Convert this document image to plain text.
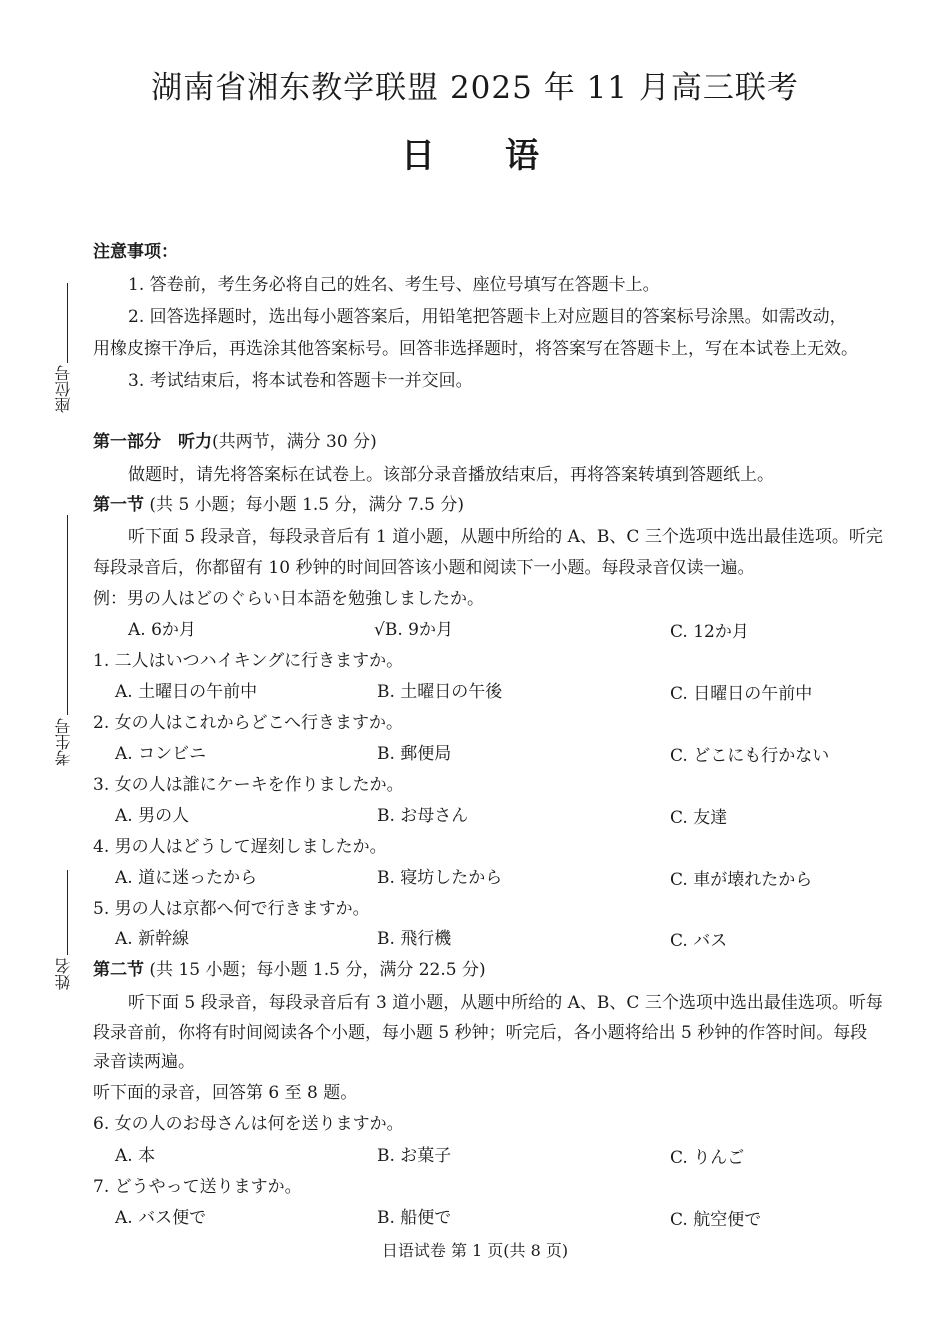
湖南省湘东教学联盟 2025 年 11 月高三联考
日语
座位号
考生号
姓名
注意事项：
1. 答卷前，考生务必将自己的姓名、考生号、座位号填写在答题卡上。
2. 回答选择题时，选出每小题答案后，用铅笔把答题卡上对应题目的答案标号涂黑。如需改动，
用橡皮擦干净后，再选涂其他答案标号。回答非选择题时，将答案写在答题卡上，写在本试卷上无效。
3. 考试结束后，将本试卷和答题卡一并交回。
第一部分　听力(共两节，满分 30 分)
做题时，请先将答案标在试卷上。该部分录音播放结束后，再将答案转填到答题纸上。
第一节 (共 5 小题；每小题 1.5 分，满分 7.5 分)
听下面 5 段录音，每段录音后有 1 道小题，从题中所给的 A、B、C 三个选项中选出最佳选项。听完
每段录音后，你都留有 10 秒钟的时间回答该小题和阅读下一小题。每段录音仅读一遍。
例：男の人はどのぐらい日本語を勉強しましたか。
A. 6か月	√B. 9か月	C. 12か月
1. 二人はいつハイキングに行きますか。
A. 土曜日の午前中	B. 土曜日の午後	C. 日曜日の午前中
2. 女の人はこれからどこへ行きますか。
A. コンビニ	B. 郵便局	C. どこにも行かない
3. 女の人は誰にケーキを作りましたか。
A. 男の人	B. お母さん	C. 友達
4. 男の人はどうして遅刻しましたか。
A. 道に迷ったから	B. 寝坊したから	C. 車が壊れたから
5. 男の人は京都へ何で行きますか。
A. 新幹線	B. 飛行機	C. バス
第二节 (共 15 小题；每小题 1.5 分，满分 22.5 分)
听下面 5 段录音，每段录音后有 3 道小题，从题中所给的 A、B、C 三个选项中选出最佳选项。听每
段录音前，你将有时间阅读各个小题，每小题 5 秒钟；听完后，各小题将给出 5 秒钟的作答时间。每段
录音读两遍。
听下面的录音，回答第 6 至 8 题。
6. 女の人のお母さんは何を送りますか。
A. 本	B. お菓子	C. りんご
7. どうやって送りますか。
A. バス便で	B. 船便で	C. 航空便で
日语试卷 第 1 页(共 8 页)
